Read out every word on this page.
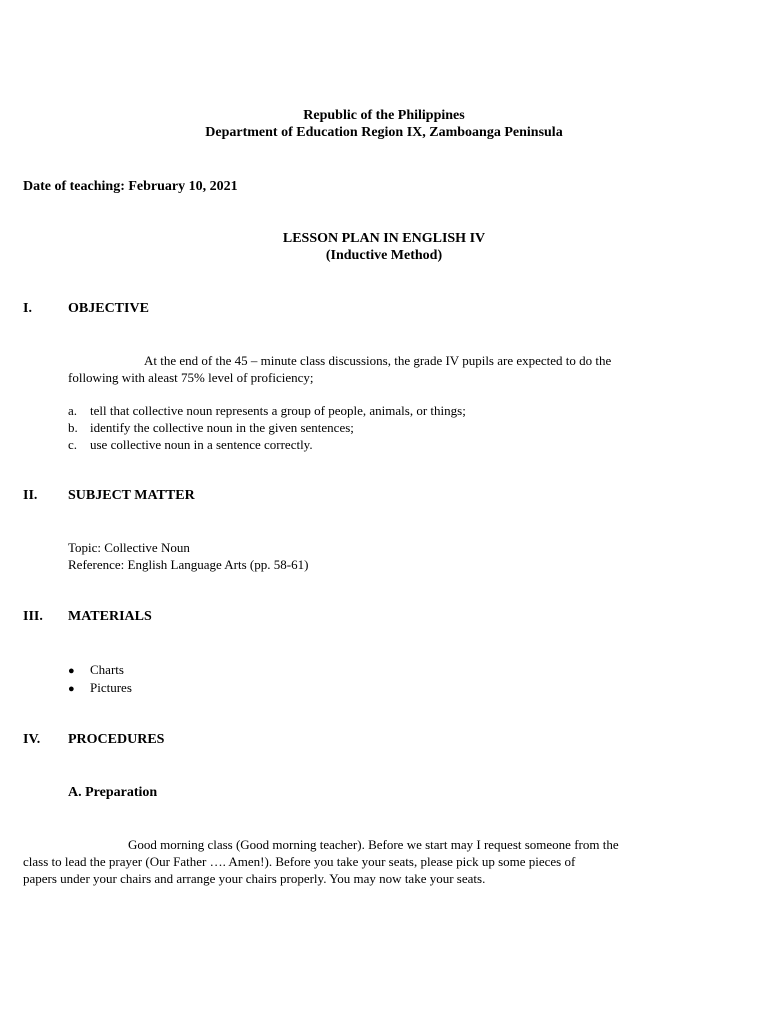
Republic of the Philippines
Department of Education Region IX, Zamboanga Peninsula
Date of teaching: February 10, 2021
LESSON PLAN IN ENGLISH IV
(Inductive Method)
I.	OBJECTIVE
At the end of the 45 – minute class discussions, the grade IV pupils are expected to do the
following with aleast 75% level of proficiency;
a. tell that collective noun represents a group of people, animals, or things;
b. identify the collective noun in the given sentences;
c. use collective noun in a sentence correctly.
II. SUBJECT MATTER
Topic: Collective Noun
Reference: English Language Arts (pp. 58-61)
III. MATERIALS
● Charts
● Pictures
IV. PROCEDURES
A. Preparation
Good morning class (Good morning teacher). Before we start may I request someone from the
class to lead the prayer (Our Father …. Amen!). Before you take your seats, please pick up some pieces of
papers under your chairs and arrange your chairs properly. You may now take your seats.
